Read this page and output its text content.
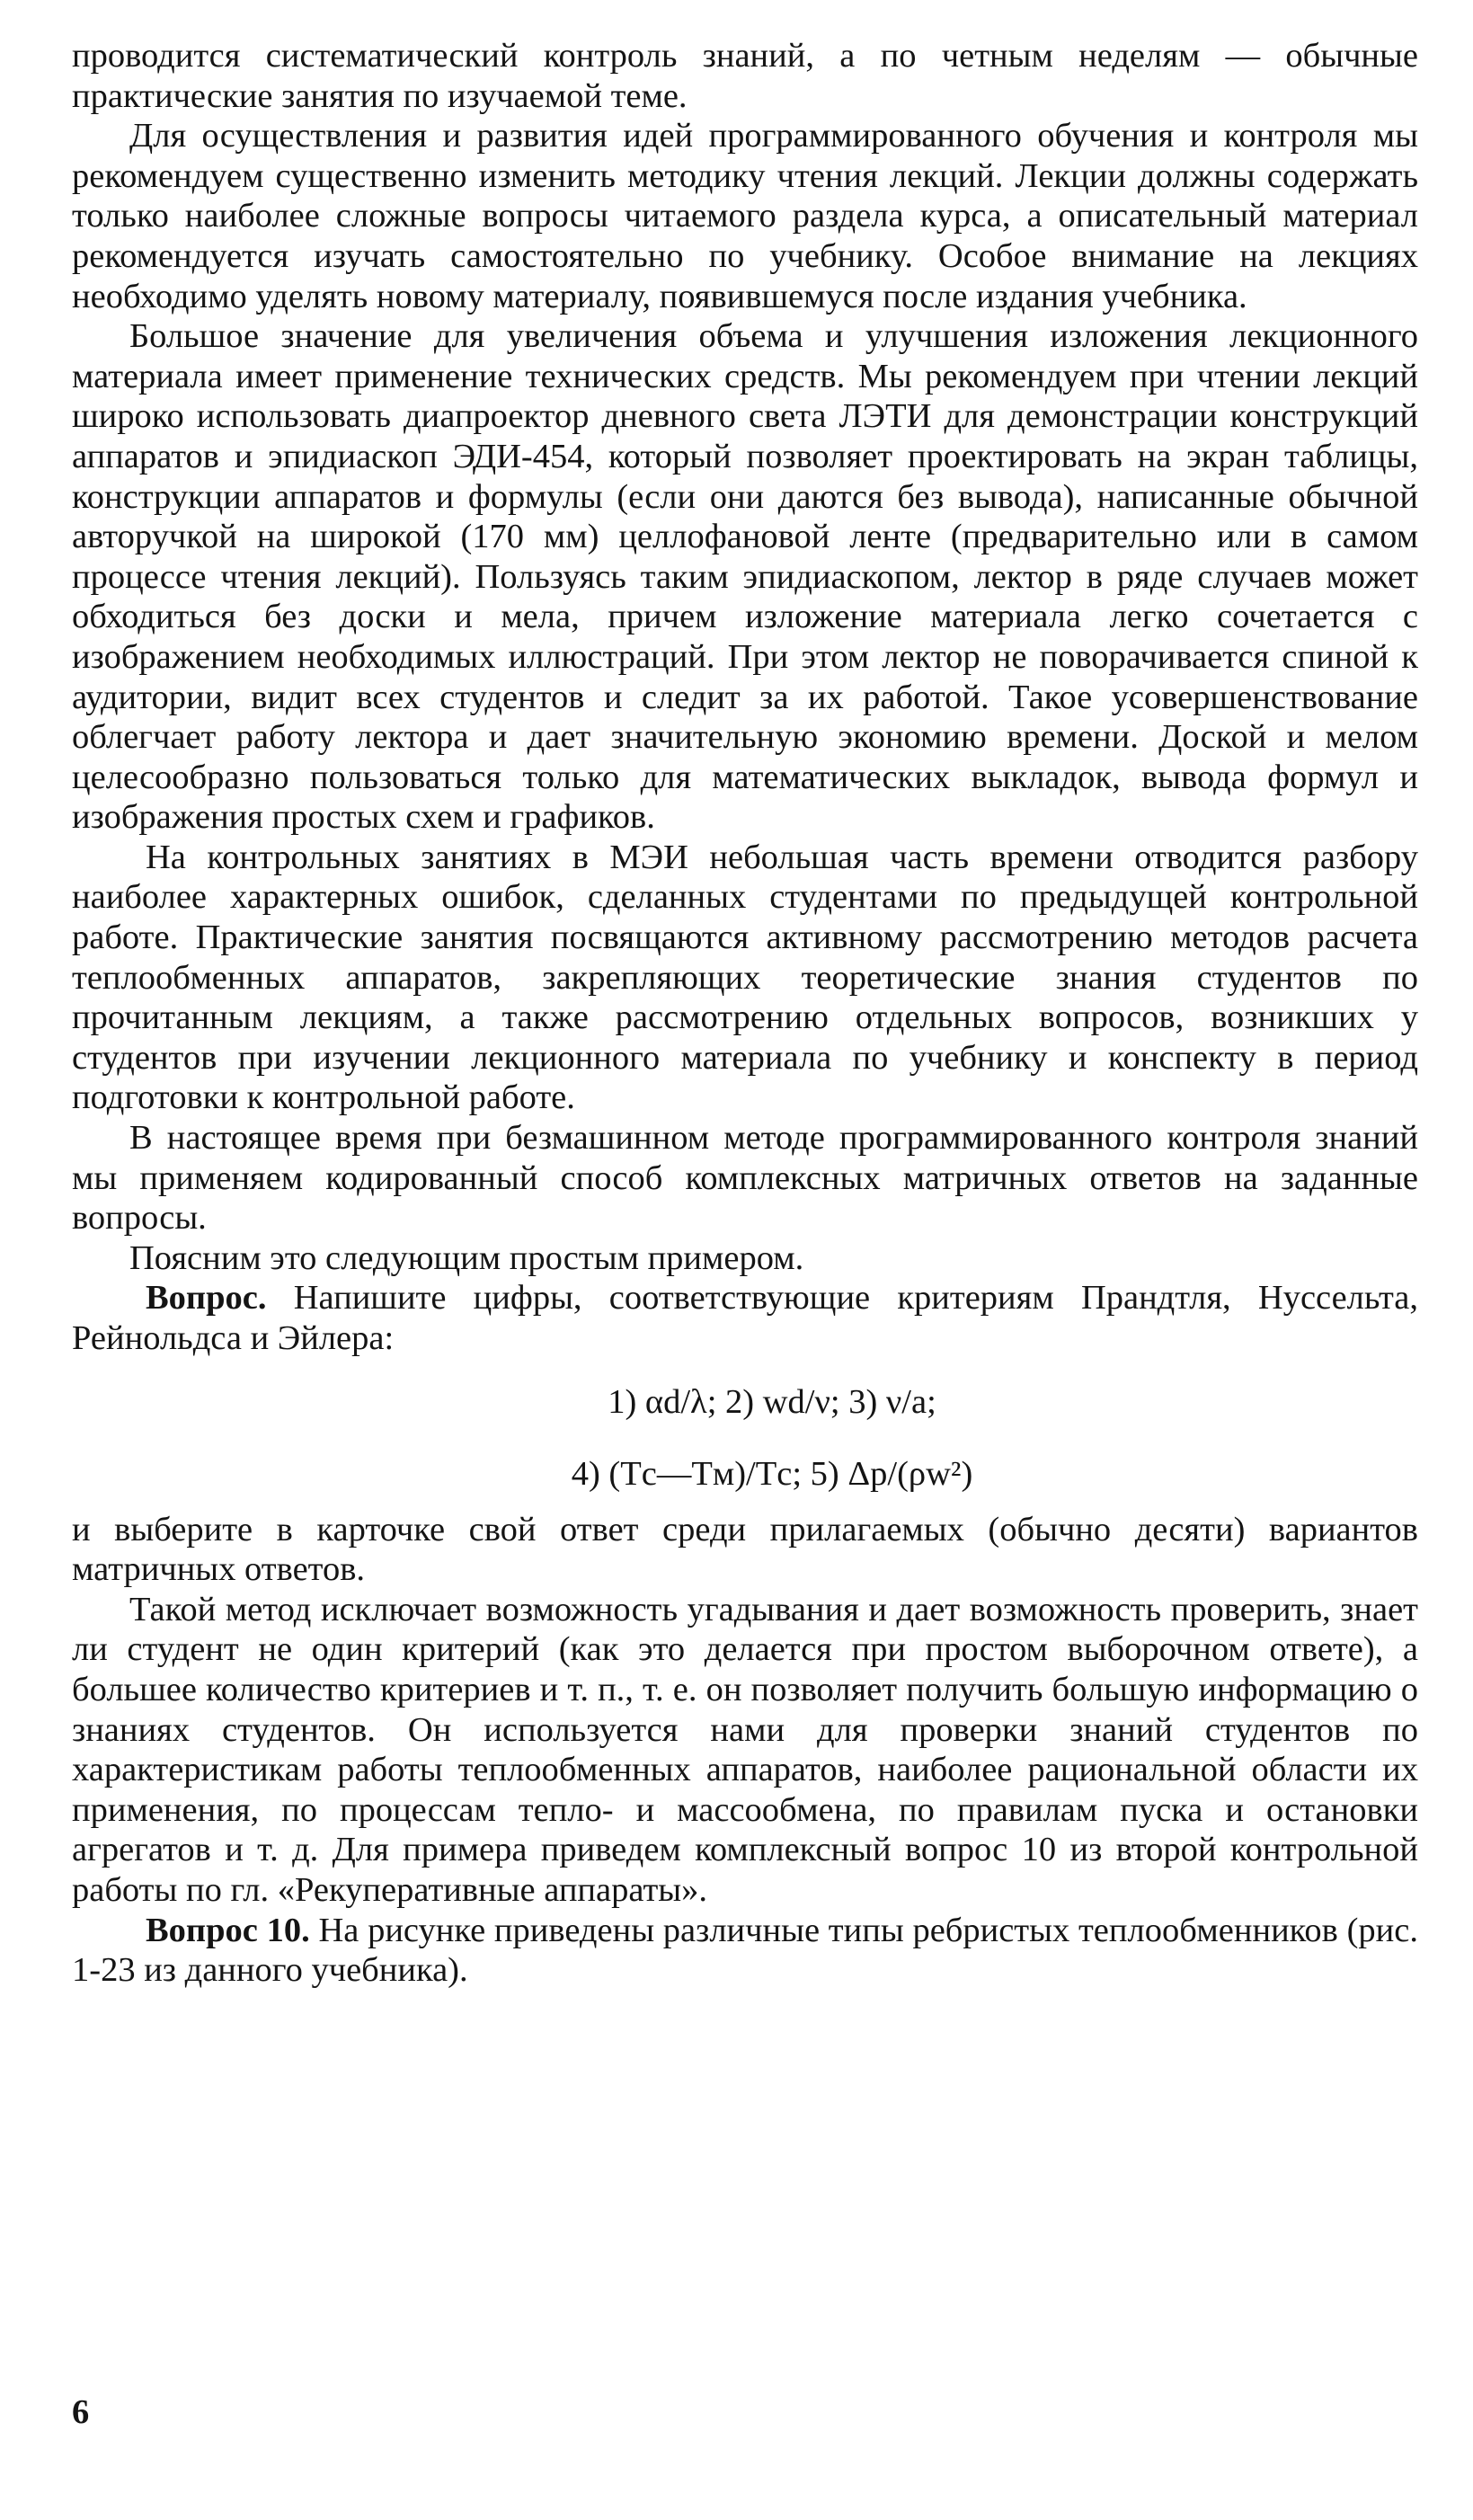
проводится систематический контроль знаний, а по четным неделям — обычные практические занятия по изучаемой теме.

Для осуществления и развития идей программированного обучения и контроля мы рекомендуем существенно изменить методику чтения лекций. Лекции должны содержать только наиболее сложные вопросы читаемого раздела курса, а описательный материал рекомендуется изучать самостоятельно по учебнику. Особое внимание на лекциях необходимо уделять новому материалу, появившемуся после издания учебника.

Большое значение для увеличения объема и улучшения изложения лекционного материала имеет применение технических средств. Мы рекомендуем при чтении лекций широко использовать диапроектор дневного света ЛЭТИ для демонстрации конструкций аппаратов и эпидиаскоп ЭДИ-454, который позволяет проектировать на экран таблицы, конструкции аппаратов и формулы (если они даются без вывода), написанные обычной авторучкой на широкой (170 мм) целлофановой ленте (предварительно или в самом процессе чтения лекций). Пользуясь таким эпидиаскопом, лектор в ряде случаев может обходиться без доски и мела, причем изложение материала легко сочетается с изображением необходимых иллюстраций. При этом лектор не поворачивается спиной к аудитории, видит всех студентов и следит за их работой. Такое усовершенствование облегчает работу лектора и дает значительную экономию времени. Доской и мелом целесообразно пользоваться только для математических выкладок, вывода формул и изображения простых схем и графиков.

На контрольных занятиях в МЭИ небольшая часть времени отводится разбору наиболее характерных ошибок, сделанных студентами по предыдущей контрольной работе. Практические занятия посвящаются активному рассмотрению методов расчета теплообменных аппаратов, закрепляющих теоретические знания студентов по прочитанным лекциям, а также рассмотрению отдельных вопросов, возникших у студентов при изучении лекционного материала по учебнику и конспекту в период подготовки к контрольной работе.

В настоящее время при безмашинном методе программированного контроля знаний мы применяем кодированный способ комплексных матричных ответов на заданные вопросы.

Поясним это следующим простым примером.

Вопрос. Напишите цифры, соответствующие критериям Прандтля, Нуссельта, Рейнольдса и Эйлера:

1) αd/λ; 2) wd/ν; 3) ν/a;
4) (Tс—Tм)/Tс; 5) Δp/(ρw²)

и выберите в карточке свой ответ среди прилагаемых (обычно десяти) вариантов матричных ответов.

Такой метод исключает возможность угадывания и дает возможность проверить, знает ли студент не один критерий (как это делается при простом выборочном ответе), а большее количество критериев и т. п., т. е. он позволяет получить большую информацию о знаниях студентов. Он используется нами для проверки знаний студентов по характеристикам работы теплообменных аппаратов, наиболее рациональной области их применения, по процессам тепло- и массообмена, по правилам пуска и остановки агрегатов и т. д. Для примера приведем комплексный вопрос 10 из второй контрольной работы по гл. «Рекуперативные аппараты».

Вопрос 10. На рисунке приведены различные типы ребристых теплообменников (рис. 1-23 из данного учебника).

6
